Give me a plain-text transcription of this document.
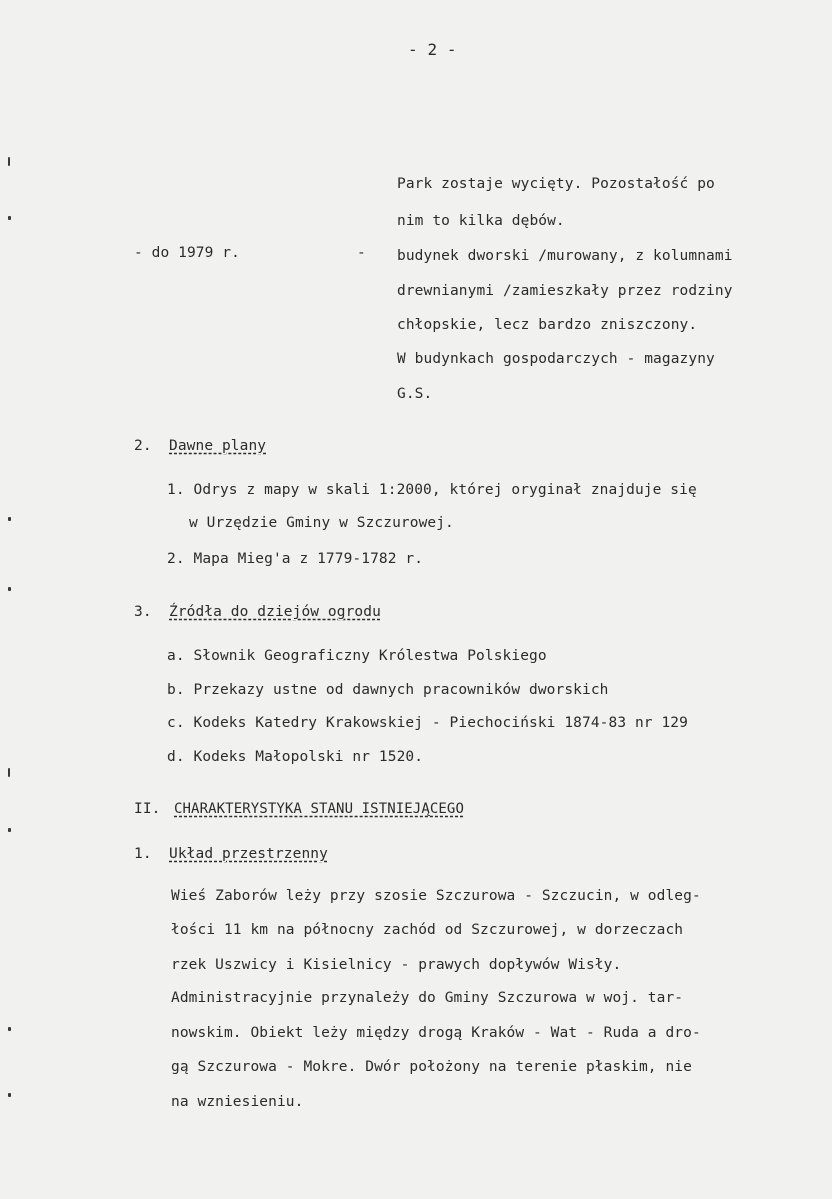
- 2 -
Park zostaje wycięty. Pozostałość po
nim to kilka dębów.
- do 1979 r.	- budynek dworski /murowany, z kolumnami
drewnianymi /zamieszkały przez rodziny
chłopskie, lecz bardzo zniszczony.
W budynkach gospodarczych - magazyny
G.S.
2. Dawne plany
1. Odrys z mapy w skali 1:2000, której oryginał znajduje się
w Urzędzie Gminy w Szczurowej.
2. Mapa Mieg'a z 1779-1782 r.
3. Źródła do dziejów ogrodu
a. Słownik Geograficzny Królestwa Polskiego
b. Przekazy ustne od dawnych pracowników dworskich
c. Kodeks Katedry Krakowskiej - Piechociński 1874-83 nr 129
d. Kodeks Małopolski nr 1520.
II. CHARAKTERYSTYKA STANU ISTNIEJĄCEGO
1. Układ przestrzenny
Wieś Zaborów leży przy szosie Szczurowa - Szczucin, w odleg-
łości 11 km na północny zachód od Szczurowej, w dorzeczach
rzek Uszwicy i Kisielnicy - prawych dopływów Wisły.
Administracyjnie przynależy do Gminy Szczurowa w woj. tar-
nowskim. Obiekt leży między drogą Kraków - Wat - Ruda a dro-
gą Szczurowa - Mokre. Dwór położony na terenie płaskim, nie
na wzniesieniu.
